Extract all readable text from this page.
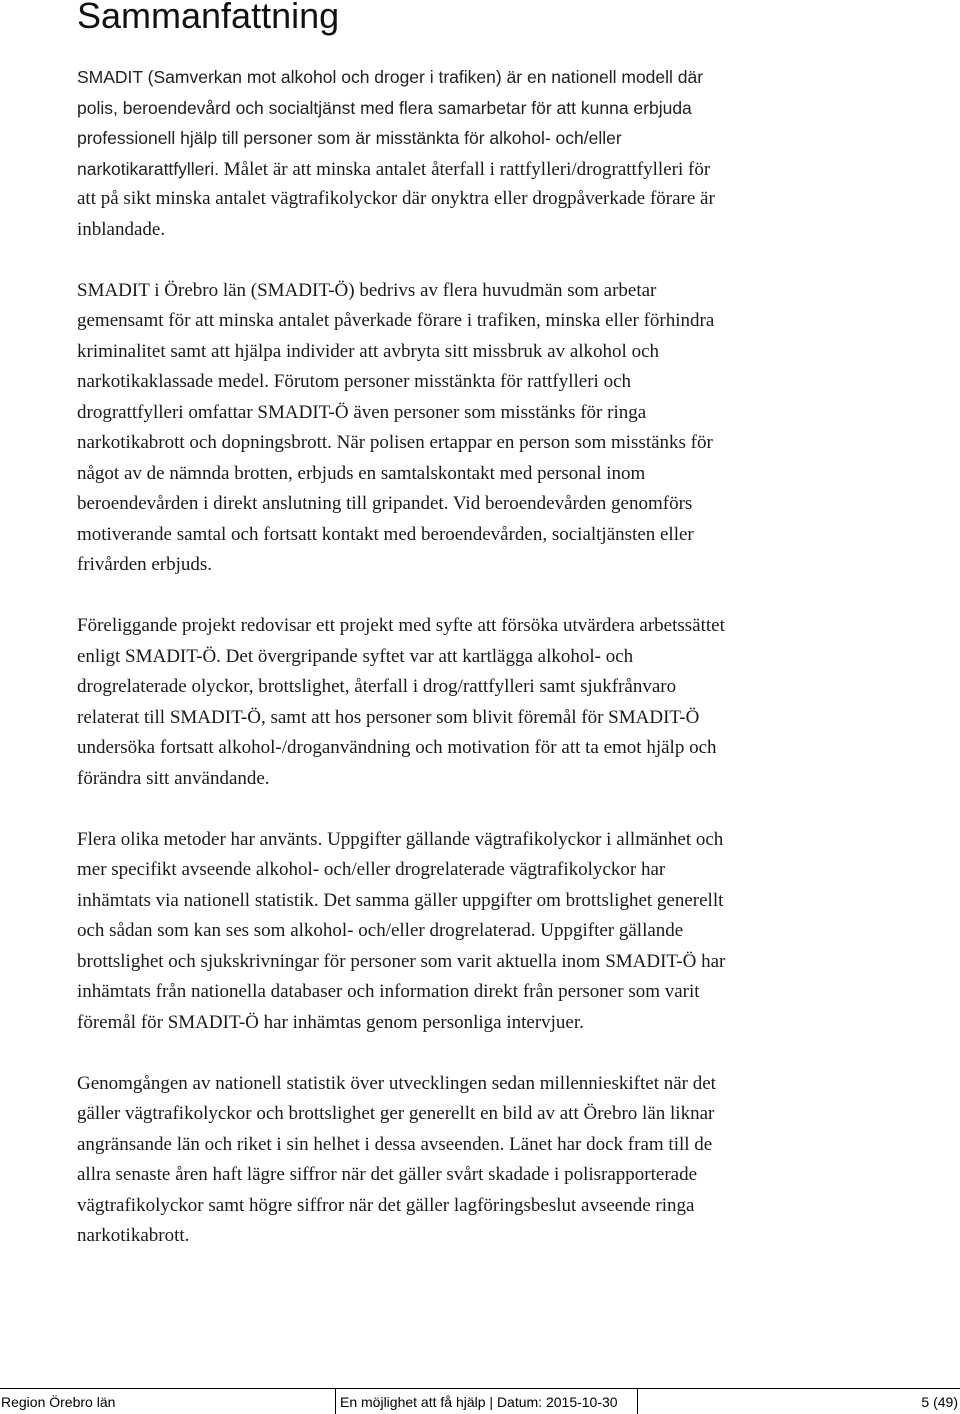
Sammanfattning
SMADIT (Samverkan mot alkohol och droger i trafiken) är en nationell modell där
polis, beroendevård och socialtjänst med flera samarbetar för att kunna erbjuda
professionell hjälp till personer som är misstänkta för alkohol- och/eller
narkotikarattfylleri. Målet är att minska antalet återfall i rattfylleri/drograttfylleri för
att på sikt minska antalet vägtrafikolyckor där onyktra eller drogpåverkade förare är
inblandade.
SMADIT i Örebro län (SMADIT-Ö) bedrivs av flera huvudmän som arbetar
gemensamt för att minska antalet påverkade förare i trafiken, minska eller förhindra
kriminalitet samt att hjälpa individer att avbryta sitt missbruk av alkohol och
narkotikaklassade medel. Förutom personer misstänkta för rattfylleri och
drograttfylleri omfattar SMADIT-Ö även personer som misstänks för ringa
narkotikabrott och dopningsbrott. När polisen ertappar en person som misstänks för
något av de nämnda brotten, erbjuds en samtalskontakt med personal inom
beroendevården i direkt anslutning till gripandet. Vid beroendevården genomförs
motiverande samtal och fortsatt kontakt med beroendevården, socialtjänsten eller
frivården erbjuds.
Föreliggande projekt redovisar ett projekt med syfte att försöka utvärdera arbetssättet
enligt SMADIT-Ö. Det övergripande syftet var att kartlägga alkohol- och
drogrelaterade olyckor, brottslighet, återfall i drog/rattfylleri samt sjukfrånvaro
relaterat till SMADIT-Ö, samt att hos personer som blivit föremål för SMADIT-Ö
undersöka fortsatt alkohol-/droganvändning och motivation för att ta emot hjälp och
förändra sitt användande.
Flera olika metoder har använts. Uppgifter gällande vägtrafikolyckor i allmänhet och
mer specifikt avseende alkohol- och/eller drogrelaterade vägtrafikolyckor har
inhämtats via nationell statistik. Det samma gäller uppgifter om brottslighet generellt
och sådan som kan ses som alkohol- och/eller drogrelaterad. Uppgifter gällande
brottslighet och sjukskrivningar för personer som varit aktuella inom SMADIT-Ö har
inhämtats från nationella databaser och information direkt från personer som varit
föremål för SMADIT-Ö har inhämtas genom personliga intervjuer.
Genomgången av nationell statistik över utvecklingen sedan millennieskiftet när det
gäller vägtrafikolyckor och brottslighet ger generellt en bild av att Örebro län liknar
angränsande län och riket i sin helhet i dessa avseenden. Länet har dock fram till de
allra senaste åren haft lägre siffror när det gäller svårt skadade i polisrapporterade
vägtrafikolyckor samt högre siffror när det gäller lagföringsbeslut avseende ringa
narkotikabrott.
Region Örebro län	En möjlighet att få hjälp | Datum: 2015-10-30	5 (49)
